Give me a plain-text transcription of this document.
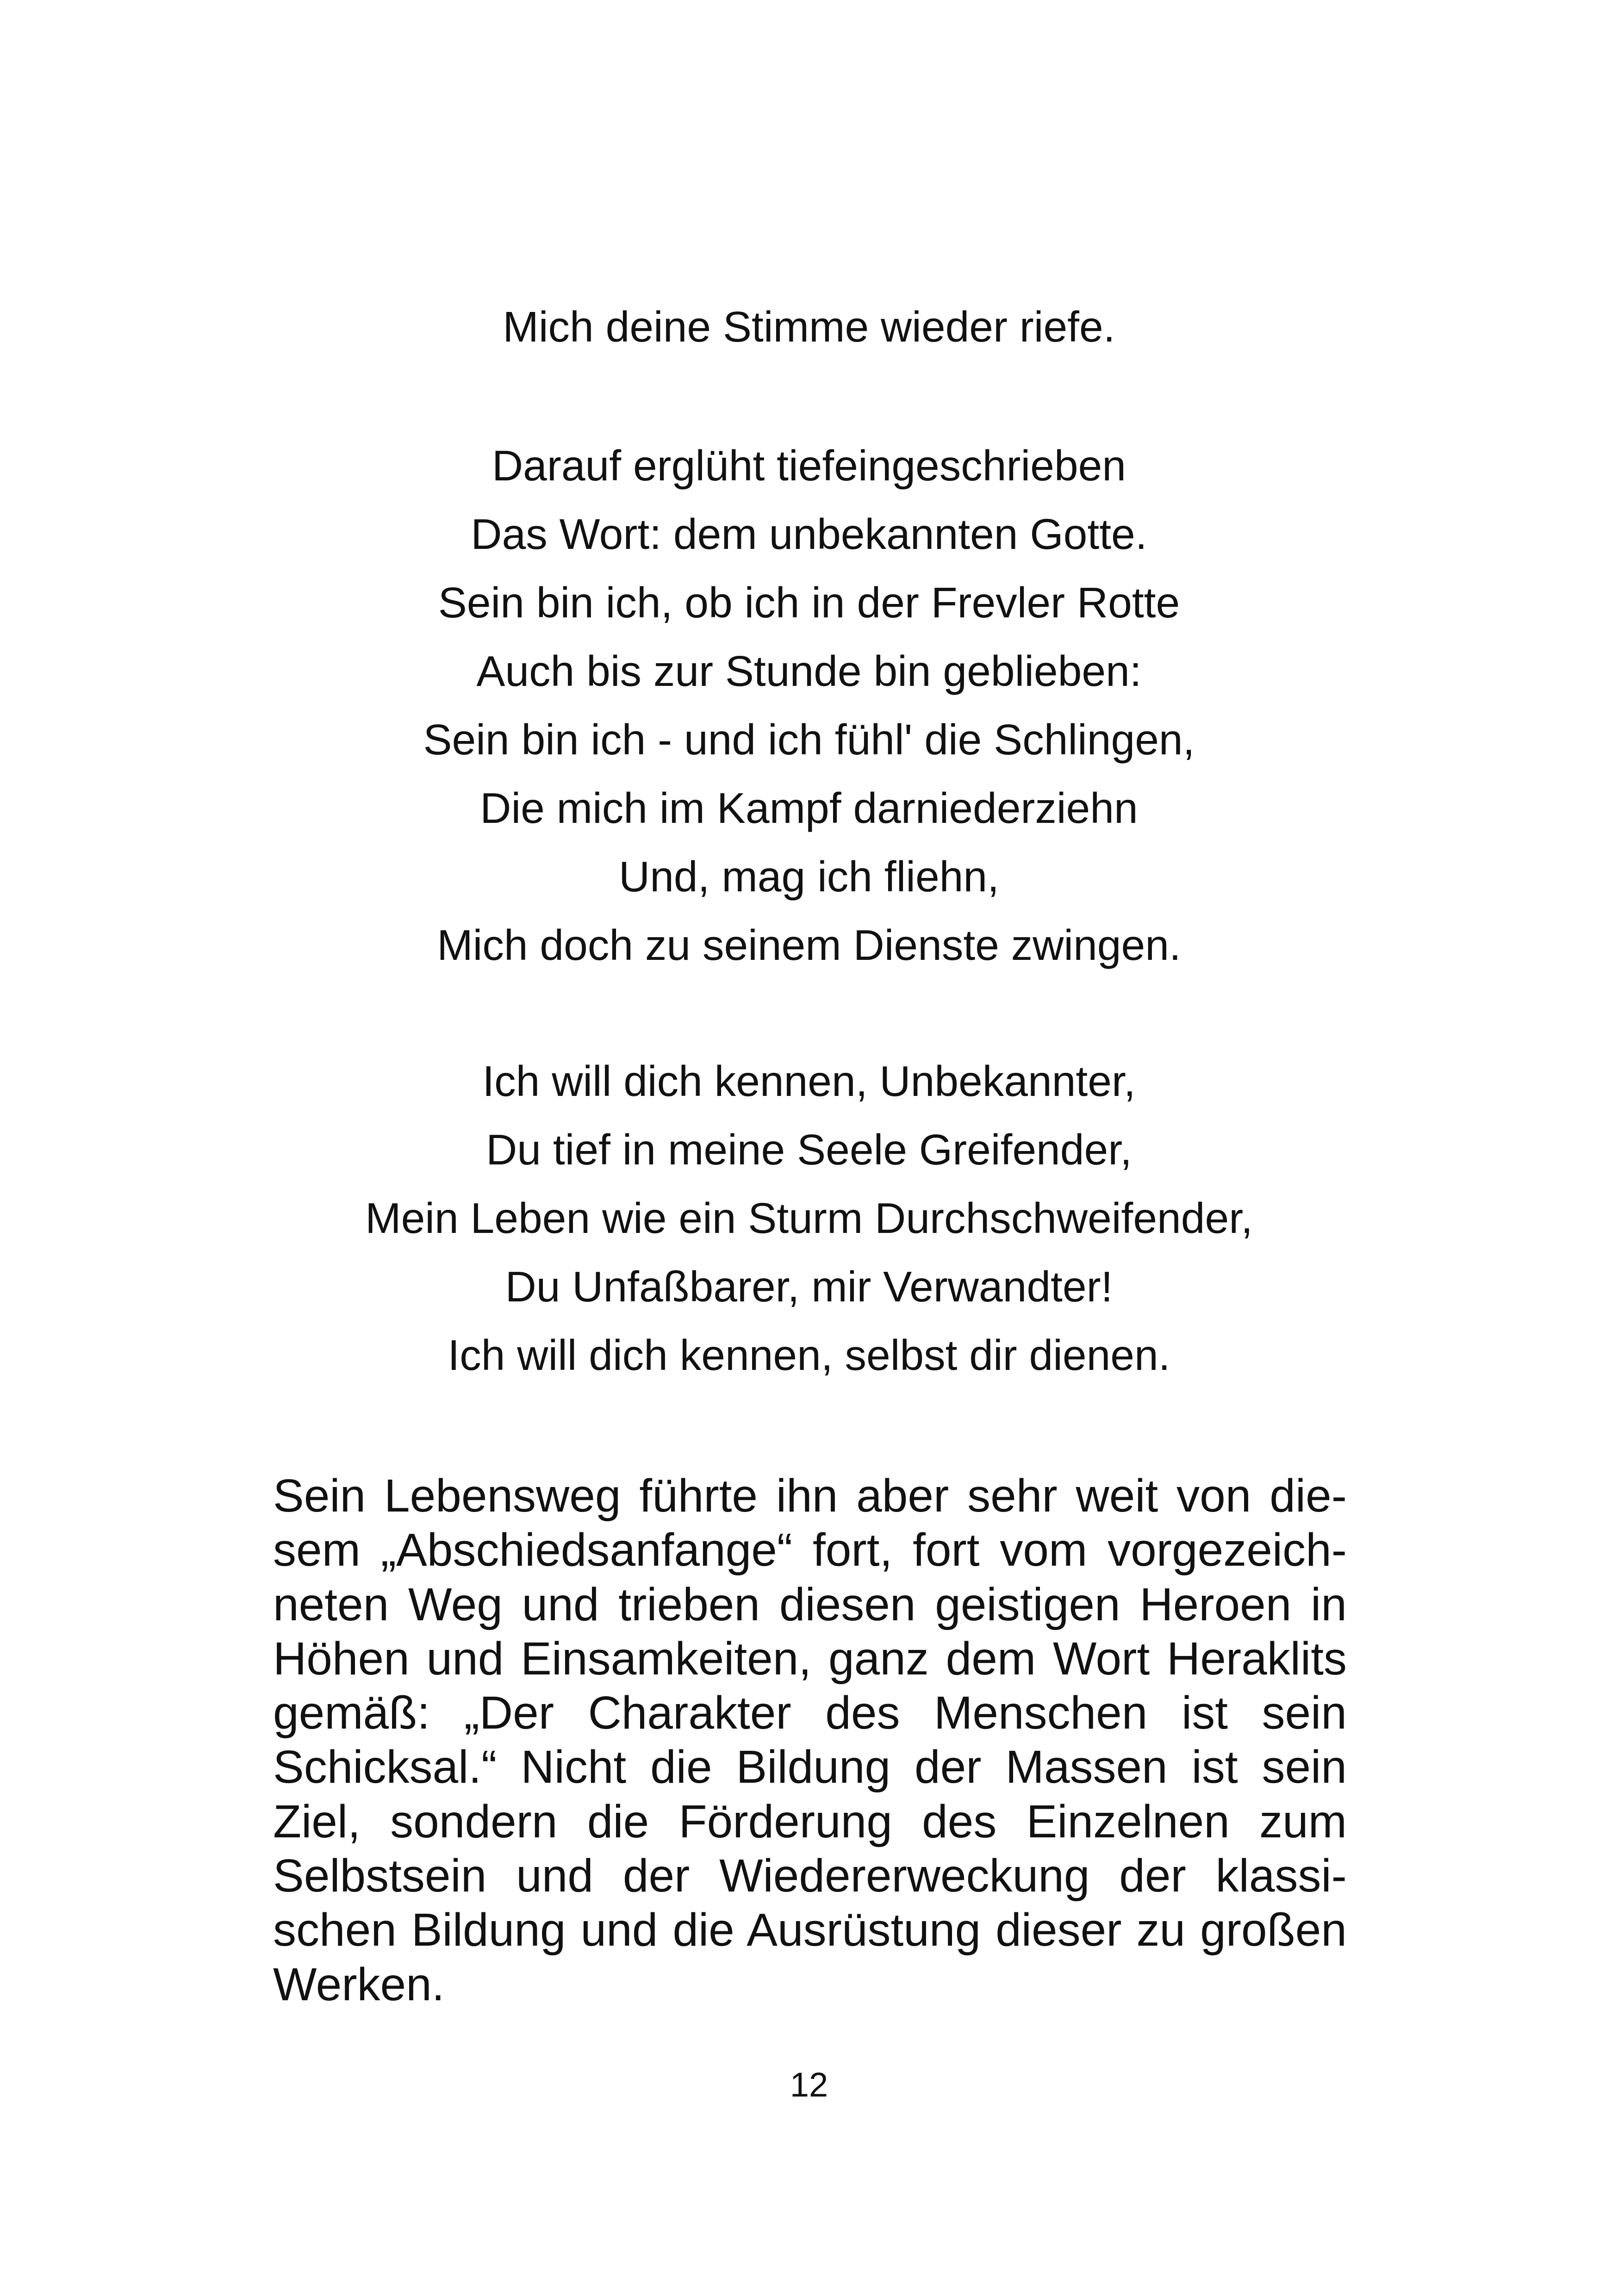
Mich deine Stimme wieder riefe.
Darauf erglüht tiefeingeschrieben
Das Wort: dem unbekannten Gotte.
Sein bin ich, ob ich in der Frevler Rotte
Auch bis zur Stunde bin geblieben:
Sein bin ich - und ich fühl' die Schlingen,
Die mich im Kampf darniederziehn
Und, mag ich fliehn,
Mich doch zu seinem Dienste zwingen.
Ich will dich kennen, Unbekannter,
Du tief in meine Seele Greifender,
Mein Leben wie ein Sturm Durchschweifender,
Du Unfaßbarer, mir Verwandter!
Ich will dich kennen, selbst dir dienen.
Sein Lebensweg führte ihn aber sehr weit von die-
sem „Abschiedsanfange“ fort, fort vom vorgezeich-
neten Weg und trieben diesen geistigen Heroen in
Höhen und Einsamkeiten, ganz dem Wort Heraklits
gemäß: „Der Charakter des Menschen ist sein
Schicksal.“ Nicht die Bildung der Massen ist sein
Ziel, sondern die Förderung des Einzelnen zum
Selbstsein und der Wiedererweckung der klassi-
schen Bildung und die Ausrüstung dieser zu großen
Werken.
12
